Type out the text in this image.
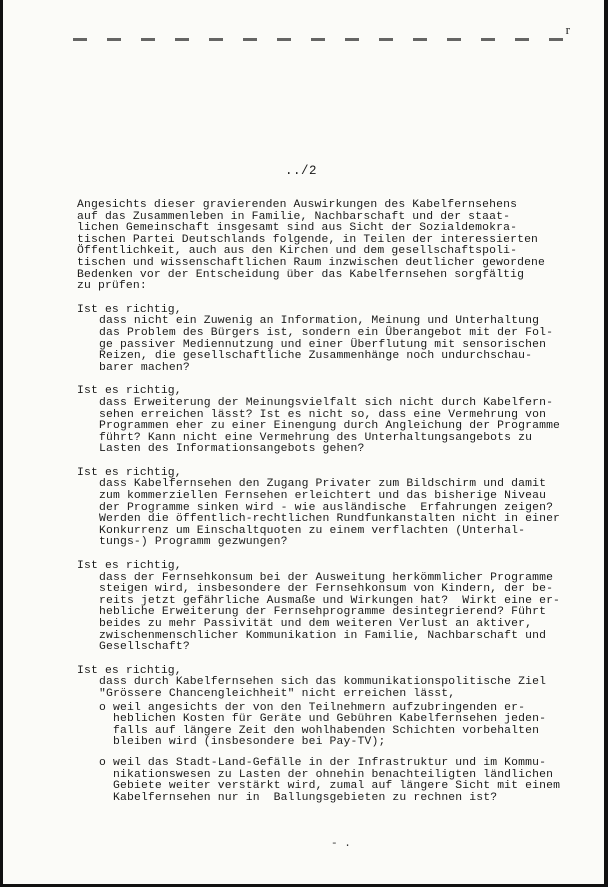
r
../2

Angesichts dieser gravierenden Auswirkungen des Kabelfernsehens
auf das Zusammenleben in Familie, Nachbarschaft und der staat-
lichen Gemeinschaft insgesamt sind aus Sicht der Sozialdemokra-
tischen Partei Deutschlands folgende, in Teilen der interessierten
Öffentlichkeit, auch aus den Kirchen und dem gesellschaftspoli-
tischen und wissenschaftlichen Raum inzwischen deutlicher gewordene
Bedenken vor der Entscheidung über das Kabelfernsehen sorgfältig
zu prüfen:

Ist es richtig,

dass nicht ein Zuwenig an Information, Meinung und Unterhaltung
das Problem des Bürgers ist, sondern ein Überangebot mit der Fol-
ge passiver Mediennutzung und einer Überflutung mit sensorischen
Reizen, die gesellschaftliche Zusammenhänge noch undurchschau-
barer machen?

Ist es richtig,

dass Erweiterung der Meinungsvielfalt sich nicht durch Kabelfern-
sehen erreichen lässt? Ist es nicht so, dass eine Vermehrung von
Programmen eher zu einer Einengung durch Angleichung der Programme
führt? Kann nicht eine Vermehrung des Unterhaltungsangebots zu
Lasten des Informationsangebots gehen?

Ist es richtig,

dass Kabelfernsehen den Zugang Privater zum Bildschirm und damit
zum kommerziellen Fernsehen erleichtert und das bisherige Niveau
der Programme sinken wird - wie ausländische  Erfahrungen zeigen?
Werden die öffentlich-rechtlichen Rundfunkanstalten nicht in einer
Konkurrenz um Einschaltquoten zu einem verflachten (Unterhal-
tungs-) Programm gezwungen?

Ist es richtig,

dass der Fernsehkonsum bei der Ausweitung herkömmlicher Programme
steigen wird, insbesondere der Fernsehkonsum von Kindern, der be-
reits jetzt gefährliche Ausmaße und Wirkungen hat?  Wirkt eine er-
hebliche Erweiterung der Fernsehprogramme desintegrierend? Führt
beides zu mehr Passivität und dem weiteren Verlust an aktiver,
zwischenmenschlicher Kommunikation in Familie, Nachbarschaft und
Gesellschaft?

Ist es richtig,

dass durch Kabelfernsehen sich das kommunikationspolitische Ziel
"Grössere Chancengleichheit" nicht erreichen lässt,

o weil angesichts der von den Teilnehmern aufzubringenden er-
heblichen Kosten für Geräte und Gebühren Kabelfernsehen jeden-
falls auf längere Zeit den wohlhabenden Schichten vorbehalten
bleiben wird (insbesondere bei Pay-TV);
o weil das Stadt-Land-Gefälle in der Infrastruktur und im Kommu-
nikationswesen zu Lasten der ohnehin benachteiligten ländlichen
Gebiete weiter verstärkt wird, zumal auf längere Sicht mit einem
Kabelfernsehen nur in  Ballungsgebieten zu rechnen ist?
- .
